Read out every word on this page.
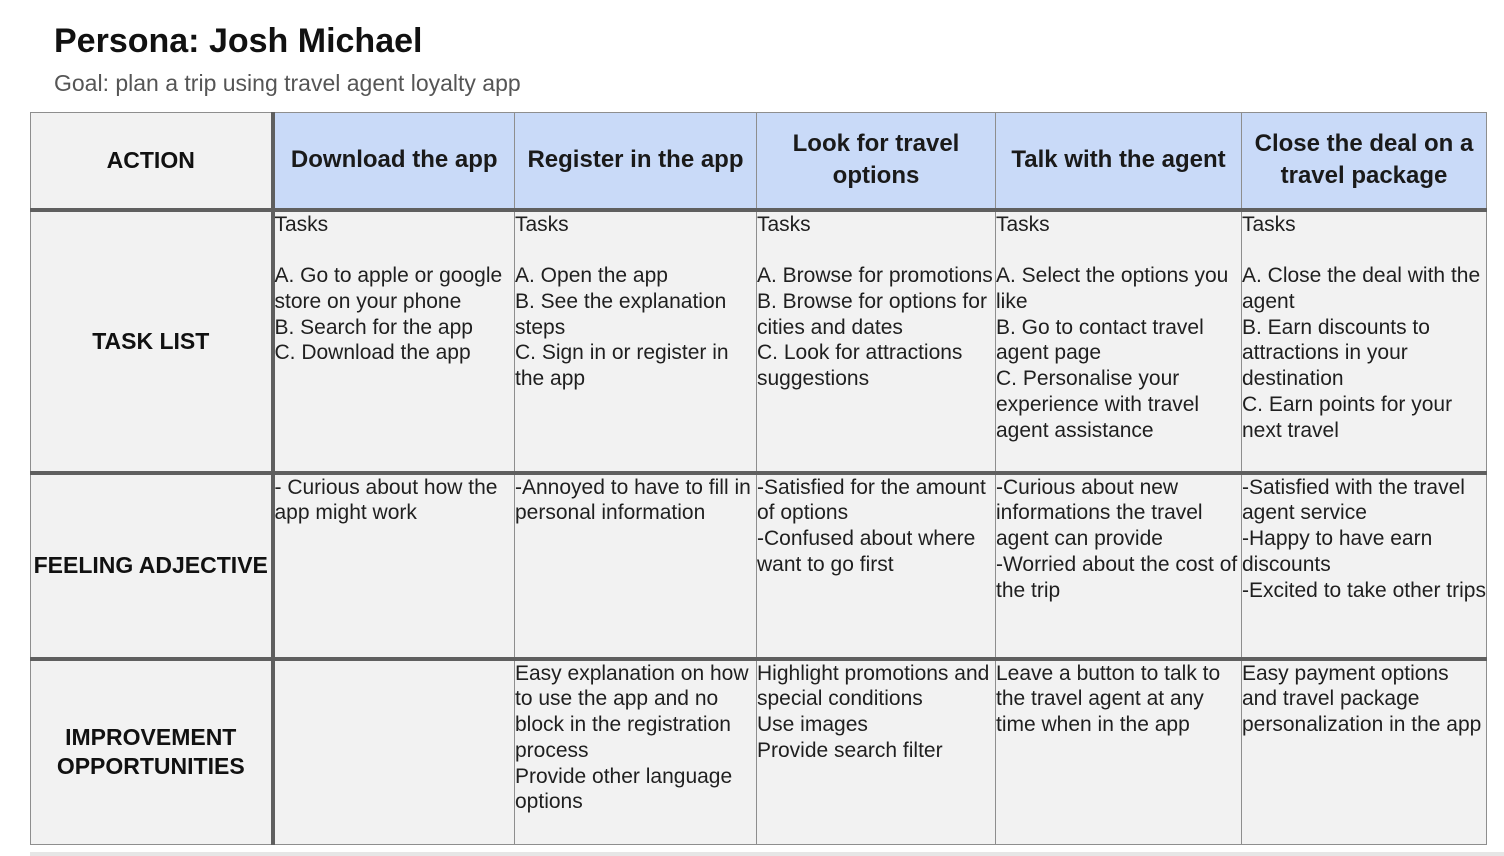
Persona: Josh Michael

Goal: plan a trip using travel agent loyalty app

ACTION	Download the app	Register in the app	Look for travel options	Talk with the agent	Close the deal on a travel package
TASK LIST	Tasks
A. Go to apple or google store on your phone
B. Search for the app
C. Download the app	Tasks
A. Open the app
B. See the explanation steps
C. Sign in or register in the app	Tasks
A. Browse for promotions
B. Browse for options for cities and dates
C. Look for attractions suggestions	Tasks
A. Select the options you like
B. Go to contact travel agent page
C. Personalise your experience with travel agent assistance	Tasks
A. Close the deal with the agent
B. Earn discounts to attractions in your destination
C. Earn points for your next travel

FEELING ADJECTIVE	- Curious about how the app might work	-Annoyed to have to fill in personal information	-Satisfied for the amount of options
-Confused about where want to go first	-Curious about new informations the travel agent can provide
-Worried about the cost of the trip	-Satisfied with the travel agent service
-Happy to have earn discounts
-Excited to take other trips

IMPROVEMENT OPPORTUNITIES		Easy explanation on how to use the app and no block in the registration process
Provide other language options	Highlight promotions and special conditions
Use images
Provide search filter	Leave a button to talk to the travel agent at any time when in the app	Easy payment options and travel package personalization in the app
